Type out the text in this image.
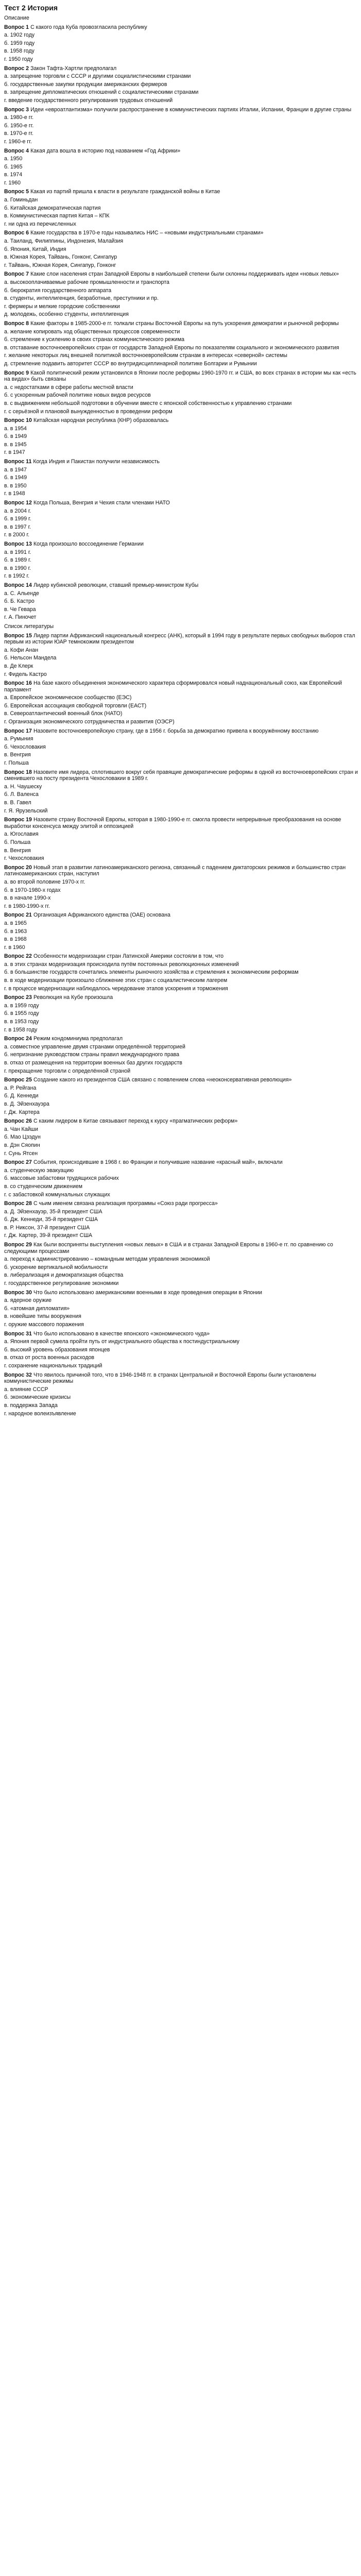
Тест 2 История
Описание
Вопрос 1 С какого года Куба провозгласила республику
а. 1902 году
б. 1959 году
в. 1958 году
г. 1950 году
Вопрос 2 Закон Тафта-Хартли предполагал
а. запрещение торговли с СССР и другими социалистическими странами
б. государственные закупки продукции американских фермеров
в. запрещение дипломатических отношений с социалистическими странами
г. введение государственного регулирования трудовых отношений
Вопрос 3 Идеи «евроатлантизма» получили распространение в коммунистических партиях Италии, Испании, Франции в другие страны
а. 1980-е гг.
б. 1950-е гг.
в. 1970-е гг.
г. 1960-е гг.
Вопрос 4 Какая дата вошла в историю под названием «Год Африки»
а. 1950
б. 1965
в. 1974
г. 1960
Вопрос 5 Какая из партий пришла к власти в результате гражданской войны в Китае
а. Гоминьдан
б. Китайская демократическая партия
в. Коммунистическая партия Китая – КПК
г. ни одна из перечисленных
Вопрос 6 Какие государства в 1970-е годы назывались НИС – «новыми индустриальными странами»
а. Таиланд, Филиппины, Индонезия, Малайзия
б. Япония, Китай, Индия
в. Южная Корея, Тайвань, Гонконг, Сингапур
г. Тайвань, Южная Корея, Сингапур, Гонконг
Вопрос 7 Какие слои населения стран Западной Европы в наибольшей степени были склонны поддерживать идеи «новых левых»
а. высокооплачиваемые рабочие промышленности и транспорта
б. бюрократия государственного аппарата
в. студенты, интеллигенция, безработные, преступники и пр.
г. фермеры и мелкие городские собственники
д. молодежь, особенно студенты, интеллигенция
Вопрос 8 Какие факторы в 1985-2000-е гг. толкали страны Восточной Европы на путь ускорения демократии и рыночной реформы
а. желание копировать ход общественных процессов современности
б. стремление к усилению в своих странах коммунистического режима
в. отставание восточноевропейских стран от государств Западной Европы по показателям социального и экономического развития
г. желание некоторых лиц внешней политикой восточноевропейским странам в интересах «северной» системы
д. стремление подавить авторитет СССР во внутридисциплинарной политике Болгарии и Румынии
Вопрос 9 Какой политический режим установился в Японии после реформы 1960-1970 гг. и США, во всех странах в истории мы как «есть на видах» быть связаны
а. с недостатками в сфере работы местной власти
б. с ускоренным рабочей политике новых видов ресурсов
в. с выдвижением небольшой подготовки в обучении вместе с японской собственностью к управлению странами
г. с серьёзной и плановой вынужденностью в проведении реформ
Вопрос 10 Китайская народная республика (КНР) образовалась
а. в 1954
б. в 1949
в. в 1945
г. в 1947
Вопрос 11 Когда Индия и Пакистан получили независимость
а. в 1947
б. в 1949
в. в 1950
г. в 1948
Вопрос 12 Когда Польша, Венгрия и Чехия стали членами НАТО
а. в 2004 г.
б. в 1999 г.
в. в 1997 г.
г. в 2000 г.
Вопрос 13 Когда произошло воссоединение Германии
а. в 1991 г.
б. в 1989 г.
в. в 1990 г.
г. в 1992 г.
Вопрос 14 Лидер кубинской революции, ставший премьер-министром Кубы
а. С. Альенде
б. Б. Кастро
в. Че Гевара
г. А. Пиночет
Список литературы
Вопрос 15 Лидер партии Африканский национальный конгресс (АНК), который в 1994 году в результате первых свободных выборов стал первым из истории ЮАР темнокожим президентом
а. Кофи Анан
б. Нельсон Мандела
в. Де Клерк
г. Фидель Кастро
Вопрос 16 На базе какого объединения экономического характера сформировался новый наднациональный союз, как Европейский парламент
а. Европейское экономическое сообщество (ЕЭС)
б. Европейская ассоциация свободной торговли (ЕАСТ)
в. Североатлантический военный блок (НАТО)
г. Организация экономического сотрудничества и развития (ОЭСР)
Вопрос 17 Назовите восточноевропейскую страну, где в 1956 г. борьба за демократию привела к вооружённому восстанию
а. Румыния
б. Чехословакия
в. Венгрия
г. Польша
Вопрос 18 Назовите имя лидера, сплотившего вокруг себя правящие демократические реформы в одной из восточноевропейских стран и сменившего на посту президента Чехословакии в 1989 г.
а. Н. Чаушеску
б. Л. Валенса
в. В. Гавел
г. Я. Ярузельский
Вопрос 19 Назовите страну Восточной Европы, которая в 1980-1990-е гг. смогла провести непрерывные преобразования на основе выработки консенсуса между элитой и оппозицией
а. Югославия
б. Польша
в. Венгрия
г. Чехословакия
Вопрос 20 Новый этап в развитии латиноамериканского региона, связанный с падением диктаторских режимов и большинство стран латиноамериканских стран, наступил
а. во второй половине 1970-х гг.
б. в 1970-1980-х годах
в. в начале 1990-х
г. в 1980-1990-х гг.
Вопрос 21 Организация Африканского единства (ОАЕ) основана
а. в 1965
б. в 1963
в. в 1968
г. в 1960
Вопрос 22 Особенности модернизации стран Латинской Америки состояли в том, что
а. в этих странах модернизация происходила путём постоянных революционных изменений
б. в большинстве государств сочетались элементы рыночного хозяйства и стремления к экономическим реформам
в. в ходе модернизации произошло сближение этих стран с социалистическим лагерем
г. в процессе модернизации наблюдалось чередование этапов ускорения и торможения
Вопрос 23 Революция на Кубе произошла
а. в 1959 году
б. в 1955 году
в. в 1953 году
г. в 1958 году
Вопрос 24 Режим кондоминиума предполагал
а. совместное управление двумя странами определённой территорией
б. непризнание руководством страны правил международного права
в. отказ от размещения на территории военных баз других государств
г. прекращение торговли с определённой страной
Вопрос 25 Создание какого из президентов США связано с появлением слова «неоконсервативная революция»
а. Р. Рейгана
б. Д. Кеннеди
в. Д. Эйзенхауэра
г. Дж. Картера
Вопрос 26 С каким лидером в Китае связывают переход к курсу «прагматических реформ»
а. Чан Кайши
б. Мао Цзэдун
в. Дэн Сяопин
г. Сунь Ятсен
Вопрос 27 События, происходившие в 1968 г. во Франции и получившие название «красный май», включали
а. студенческую эвакуацию
б. массовые забастовки трудящихся рабочих
в. со студенческим движением
г. с забастовкой коммунальных служащих
Вопрос 28 С чьим именем связана реализация программы «Союз ради прогресса»
а. Д. Эйзенхауэр, 35-й президент США
б. Дж. Кеннеди, 35-й президент США
в. Р. Никсон, 37-й президент США
г. Дж. Картер, 39-й президент США
Вопрос 29 Как были восприняты выступления «новых левых» в США и в странах Западной Европы в 1960-е гг. по сравнению со следующими процессами
а. переход к администрированию – командным методам управления экономикой
б. ускорение вертикальной мобильности
в. либерализация и демократизация общества
г. государственное регулирование экономики
Вопрос 30 Что было использовано американскими военными в ходе проведения операции в Японии
а. ядерное оружие
б. «атомная дипломатия»
в. новейшие типы вооружения
г. оружие массового поражения
Вопрос 31 Что было использовано в качестве японского «экономического чуда»
а. Япония первой сумела пройти путь от индустриального общества к постиндустриальному
б. высокий уровень образования японцев
в. отказ от роста военных расходов
г. сохранение национальных традиций
Вопрос 32 Что явилось причиной того, что в 1946-1948 гг. в странах Центральной и Восточной Европы были установлены коммунистические режимы
а. влияние СССР
б. экономические кризисы
в. поддержка Запада
г. народное волеизъявление
